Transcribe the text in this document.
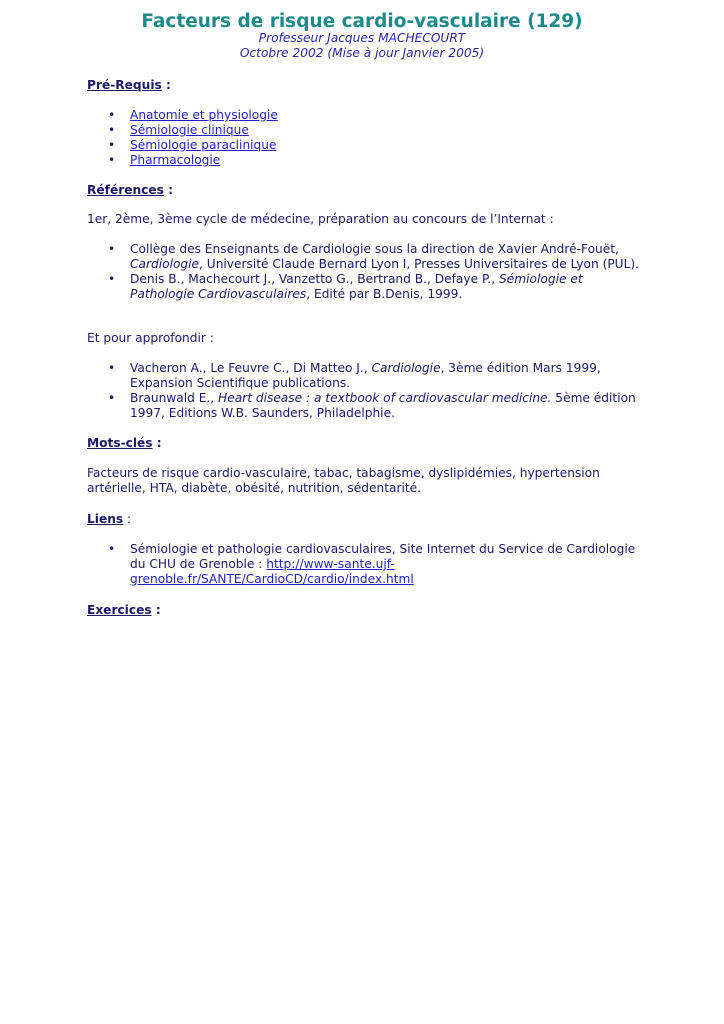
Facteurs de risque cardio-vasculaire (129)
Professeur Jacques MACHECOURT
Octobre 2002 (Mise à jour Janvier 2005)
Pré-Requis :
• Anatomie et physiologie
• Sémiologie clinique
• Sémiologie paraclinique
• Pharmacologie
Références :
1er, 2ème, 3ème cycle de médecine, préparation au concours de l’Internat :
• Collège des Enseignants de Cardiologie sous la direction de Xavier André-Fouët, Cardiologie, Université Claude Bernard Lyon I, Presses Universitaires de Lyon (PUL).
• Denis B., Machecourt J., Vanzetto G., Bertrand B., Defaye P., Sémiologie et Pathologie Cardiovasculaires, Edité par B.Denis, 1999.
Et pour approfondir :
• Vacheron A., Le Feuvre C., Di Matteo J., Cardiologie, 3ème édition Mars 1999, Expansion Scientifique publications.
• Braunwald E., Heart disease : a textbook of cardiovascular medicine. 5ème édition 1997, Editions W.B. Saunders, Philadelphie.
Mots-clés :
Facteurs de risque cardio-vasculaire, tabac, tabagisme, dyslipidémies, hypertension artérielle, HTA, diabète, obésité, nutrition, sédentarité.
Liens :
• Sémiologie et pathologie cardiovasculaires, Site Internet du Service de Cardiologie du CHU de Grenoble : http://www-sante.ujf-grenoble.fr/SANTE/CardioCD/cardio/index.html
Exercices :
